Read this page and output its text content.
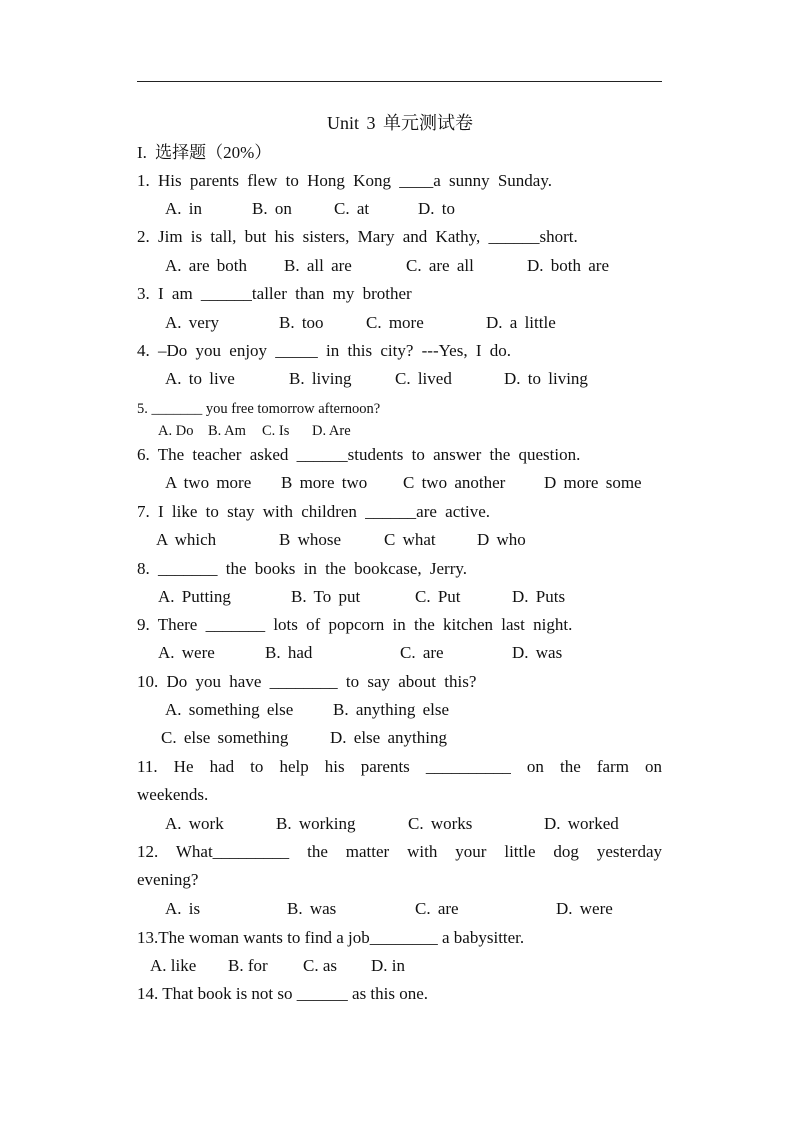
Unit 3 单元测试卷
I. 选择题（20%）
1. His parents flew to Hong Kong ____a sunny Sunday.
A. in	B. on C. at	D. to
2. Jim is tall, but his sisters, Mary and Kathy, ______short.
A. are both B. all are	C. are all	D. both are
3. I am ______taller than my brother
A. very	B. too C. more	D. a little
4. –Do you enjoy _____ in this city? ---Yes, I do.
A. to live	B. living	C. lived	D. to living
5. _______ you free tomorrow afternoon?
A. Do B. Am C. Is D. Are
6. The teacher asked ______students to answer the question.
A two more B more two C two another D more some
7. I like to stay with children ______are active.
A which	B whose	C what D who
8. _______ the books in the bookcase, Jerry.
A. Putting	B. To put	C. Put	D. Puts
9. There _______ lots of popcorn in the kitchen last night.
A. were	B. had	C. are	D. was
10. Do you have ________ to say about this?
A. something else B. anything else
C. else something D. else anything
11. He had to help his parents __________ on the farm on
weekends.
A. work	B. working	C. works	D. worked
12. What_________ the matter with your little dog yesterday
evening?
A. is	B. was	C. are	D. were
13.The woman wants to find a job________ a babysitter.
A. like B. for C. as D. in
14. That book is not so ______ as this one.
